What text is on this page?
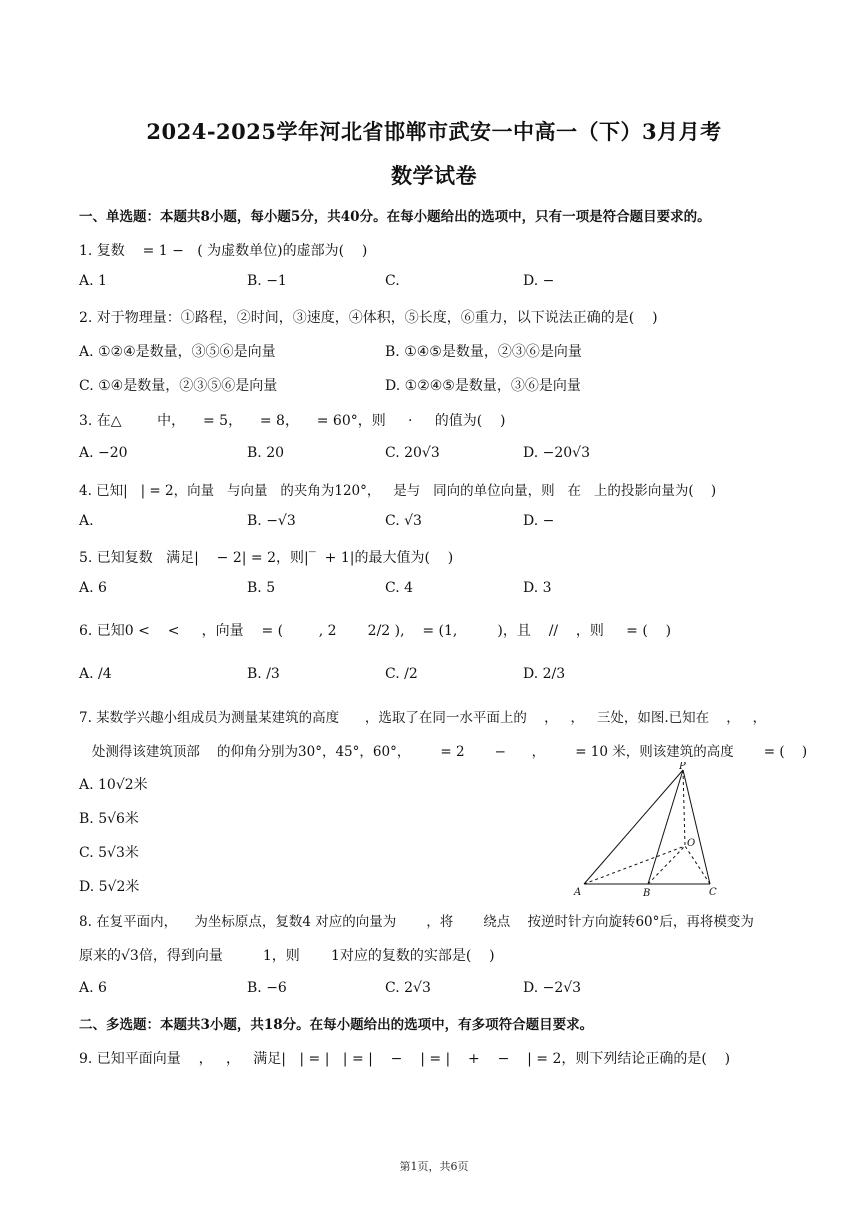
2024-2025学年河北省邯郸市武安一中高一（下）3月月考
数学试卷
一、单选题：本题共8小题，每小题5分，共40分。在每小题给出的选项中，只有一项是符合题目要求的。
1. 复数    = 1 −   ( 为虚数单位)的虚部为(    )
A. 1	B. −1	C.	D. −
2. 对于物理量：①路程，②时间，③速度，④体积，⑤长度，⑥重力，以下说法正确的是(    )
A. ①②④是数量，③⑤⑥是向量	B. ①④⑤是数量，②③⑥是向量
C. ①④是数量，②③⑤⑥是向量	D. ①②④⑤是数量，③⑥是向量
3. 在△        中，    = 5，    = 8，    = 60°，则     ·     的值为(    )
A. −20	B. 20	C. 20√3	D. −20√3
4. 已知|   | = 2，向量   与向量   的夹角为120°，   是与   同向的单位向量，则   在   上的投影向量为(    )
A.	B. −√3	C. √3	D. −
5. 已知复数   满足|    − 2| = 2，则|‾  + 1|的最大值为(    )
A. 6	B. 5	C. 4	D. 3
6. 已知0 <    <     ，向量    = (        , 2       2/2 ),    = (1,         )，且    //    ，则     = (    )
A. /4	B. /3	C. /2	D. 2/3
7. 某数学兴趣小组成员为测量某建筑的高度      ，选取了在同一水平面上的    ，   ，   三处，如图.已知在    ，   ，
处测得该建筑顶部    的仰角分别为30°，45°，60°，       = 2       −      ，       = 10 米，则该建筑的高度       = (    )
A. 10√2米
B. 5√6米
C. 5√3米
D. 5√2米
P
O
A	B	C
8. 在复平面内，    为坐标原点，复数4 对应的向量为       ，将       绕点    按逆时针方向旋转60°后，再将模变为
原来的√3倍，得到向量         1，则       1对应的复数的实部是(    )
A. 6	B. −6	C. 2√3	D. −2√3
二、多选题：本题共3小题，共18分。在每小题给出的选项中，有多项符合题目要求。
9. 已知平面向量    ，   ，   满足|   | = |   | = |    −    | = |    +    −    | = 2，则下列结论正确的是(    )
第1页，共6页
